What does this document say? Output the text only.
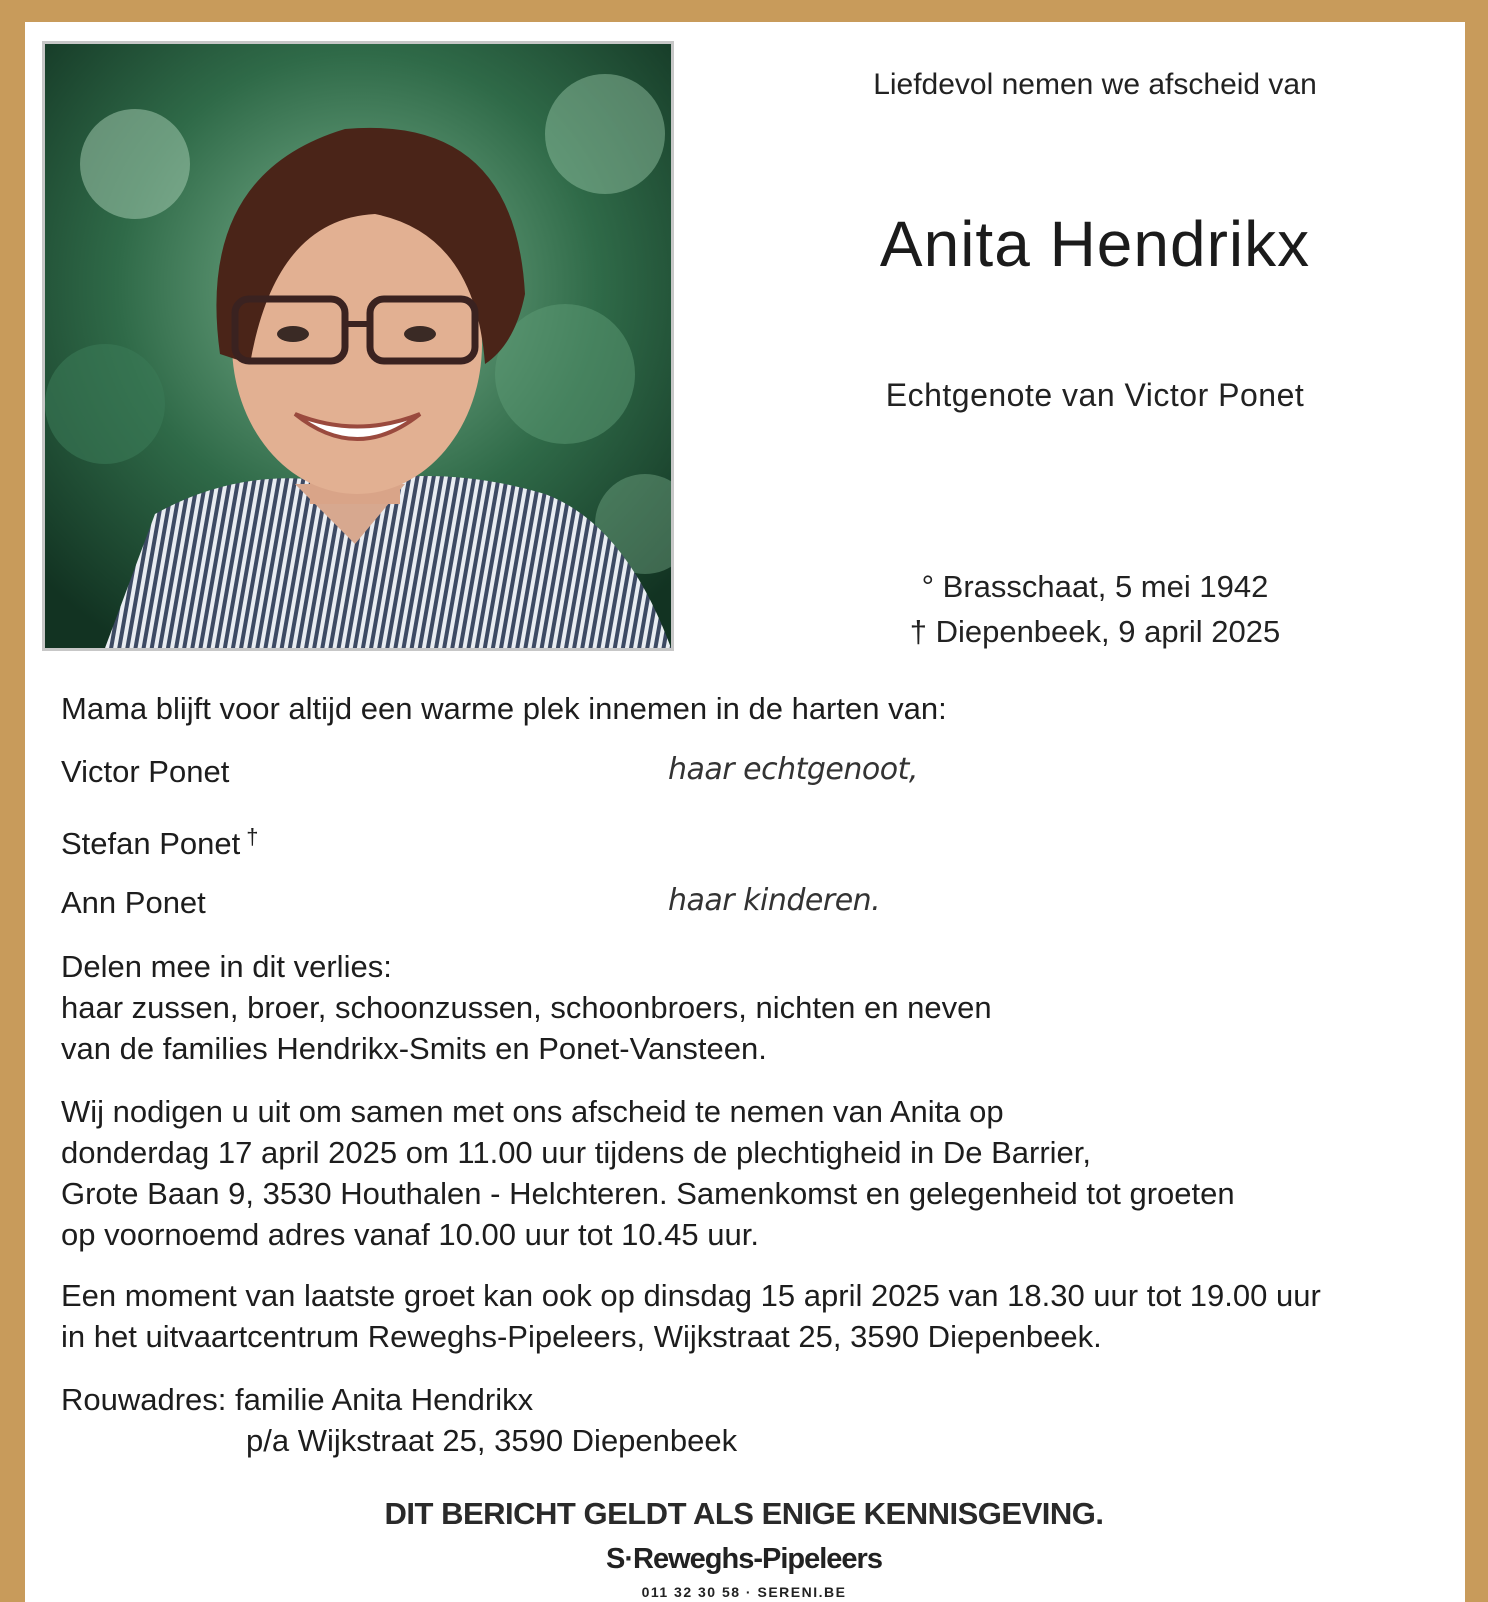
Liefdevol nemen we afscheid van
Anita Hendrikx
Echtgenote van Victor Ponet
° Brasschaat, 5 mei 1942
† Diepenbeek, 9 april 2025
Mama blijft voor altijd een warme plek innemen in de harten van:
Victor Ponet	haar echtgenoot,
Stefan Ponet †
Ann Ponet	haar kinderen.
Delen mee in dit verlies:
haar zussen, broer, schoonzussen, schoonbroers, nichten en neven
van de families Hendrikx-Smits en Ponet-Vansteen.
Wij nodigen u uit om samen met ons afscheid te nemen van Anita op
donderdag 17 april 2025 om 11.00 uur tijdens de plechtigheid in De Barrier,
Grote Baan 9, 3530 Houthalen - Helchteren. Samenkomst en gelegenheid tot groeten
op voornoemd adres vanaf 10.00 uur tot 10.45 uur.
Een moment van laatste groet kan ook op dinsdag 15 april 2025 van 18.30 uur tot 19.00 uur
in het uitvaartcentrum Reweghs-Pipeleers, Wijkstraat 25, 3590 Diepenbeek.
Rouwadres: familie Anita Hendrikx
p/a Wijkstraat 25, 3590 Diepenbeek
DIT BERICHT GELDT ALS ENIGE KENNISGEVING.
S·Reweghs-Pipeleers
011 32 30 58 · SERENI.BE
